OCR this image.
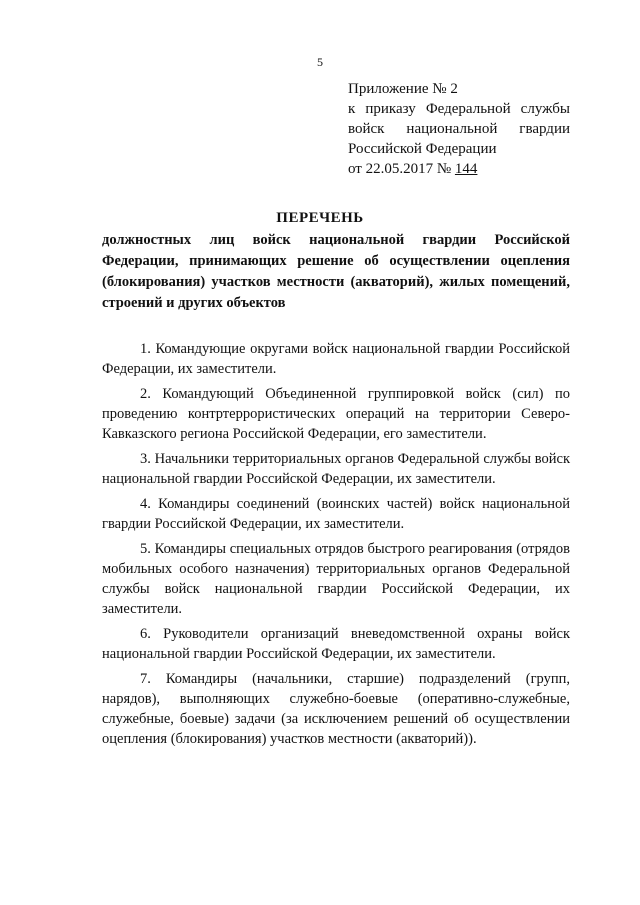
5
Приложение № 2
к приказу Федеральной службы
войск национальной гвардии
Российской Федерации
от 22.05.2017 № 144
ПЕРЕЧЕНЬ
должностных лиц войск национальной гвардии Российской Федерации, принимающих решение об осуществлении оцепления (блокирования) участков местности (акваторий), жилых помещений, строений и других объектов

1. Командующие округами войск национальной гвардии Российской Федерации, их заместители.

2. Командующий Объединенной группировкой войск (сил) по проведению контртеррористических операций на территории Северо-Кавказского региона Российской Федерации, его заместители.

3. Начальники территориальных органов Федеральной службы войск национальной гвардии Российской Федерации, их заместители.

4. Командиры соединений (воинских частей) войск национальной гвардии Российской Федерации, их заместители.

5. Командиры специальных отрядов быстрого реагирования (отрядов мобильных особого назначения) территориальных органов Федеральной службы войск национальной гвардии Российской Федерации, их заместители.

6. Руководители организаций вневедомственной охраны войск национальной гвардии Российской Федерации, их заместители.

7. Командиры (начальники, старшие) подразделений (групп, нарядов), выполняющих служебно-боевые (оперативно-служебные, служебные, боевые) задачи (за исключением решений об осуществлении оцепления (блокирования) участков местности (акваторий)).
